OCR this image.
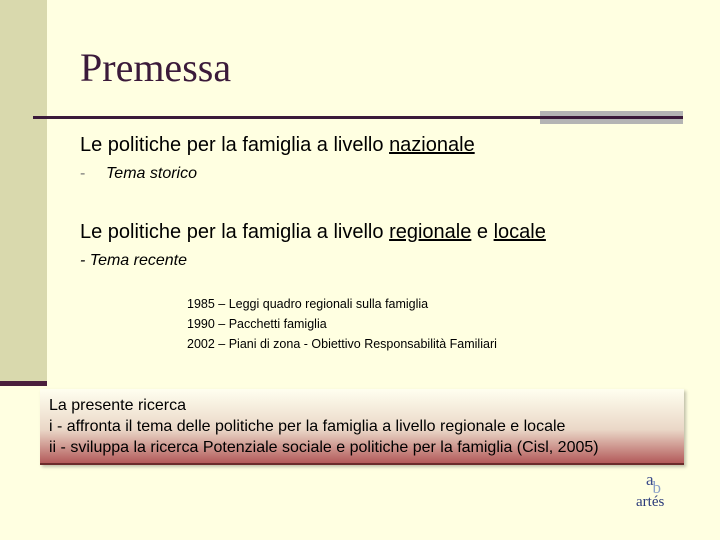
Premessa
Le politiche per la famiglia a livello nazionale
- Tema storico
Le politiche per la famiglia a livello regionale e locale
- Tema recente
1985 – Leggi quadro regionali sulla famiglia
1990 – Pacchetti famiglia
2002 – Piani di zona - Obiettivo Responsabilità Familiari
La presente ricerca
i - affronta il tema delle politiche per la famiglia a livello regionale e locale
ii - sviluppa la ricerca Potenziale sociale e politiche per la famiglia (Cisl, 2005)
ab
artés
